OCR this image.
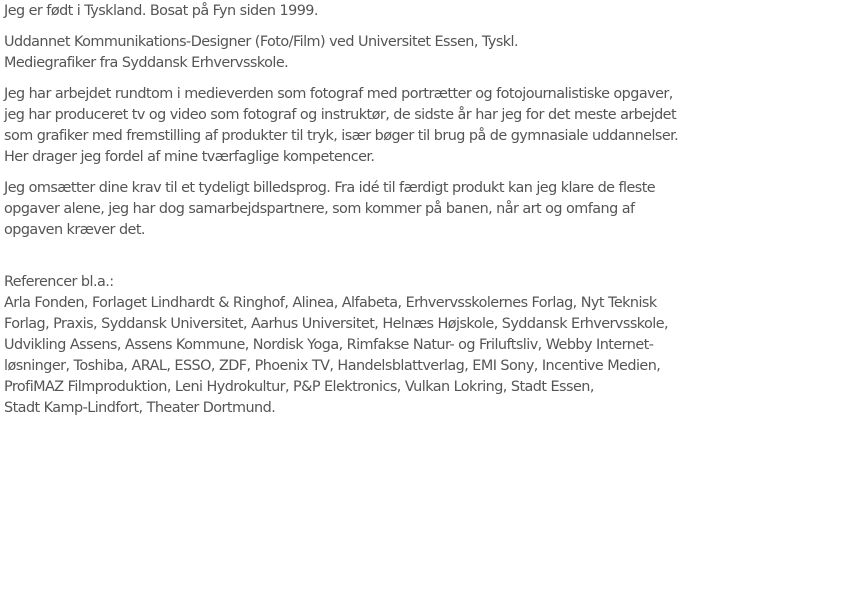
Jeg er født i Tyskland. Bosat på Fyn siden 1999.

Uddannet Kommunikations-Designer (Foto/Film) ved Universitet Essen, Tyskl.
Mediegrafiker fra Syddansk Erhvervsskole.

Jeg har arbejdet rundtom i medieverden som fotograf med portrætter og fotojournalistiske opgaver,
jeg har produceret tv og video som fotograf og instruktør, de sidste år har jeg for det meste arbejdet
som grafiker med fremstilling af produkter til tryk, især bøger til brug på de gymnasiale uddannelser.
Her drager jeg fordel af mine tværfaglige kompetencer.

Jeg omsætter dine krav til et tydeligt billedsprog. Fra idé til færdigt produkt kan jeg klare de fleste
opgaver alene, jeg har dog samarbejdspartnere, som kommer på banen, når art og omfang af
opgaven kræver det.

Referencer bl.a.:
Arla Fonden, Forlaget Lindhardt & Ringhof, Alinea, Alfabeta, Erhvervsskolernes Forlag, Nyt Teknisk
Forlag, Praxis, Syddansk Universitet, Aarhus Universitet, Helnæs Højskole, Syddansk Erhvervsskole,
Udvikling Assens, Assens Kommune, Nordisk Yoga, Rimfakse Natur- og Friluftsliv, Webby Internet-
løsninger, Toshiba, ARAL, ESSO, ZDF, Phoenix TV, Handelsblattverlag, EMI Sony, Incentive Medien,
ProfiMAZ Filmproduktion, Leni Hydrokultur, P&P Elektronics, Vulkan Lokring, Stadt Essen,
Stadt Kamp-Lindfort, Theater Dortmund.
